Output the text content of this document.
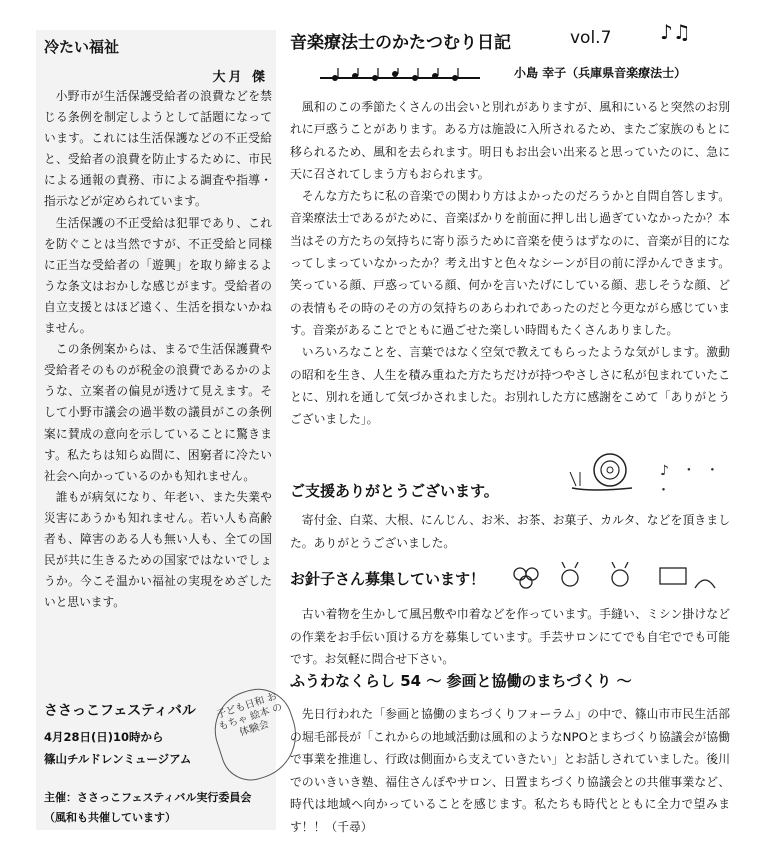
冷たい福祉
大月 傑

小野市が生活保護受給者の浪費などを禁じる条例を制定しようとして話題になっています。これには生活保護などの不正受給と、受給者の浪費を防止するために、市民による通報の責務、市による調査や指導・指示などが定められています。

生活保護の不正受給は犯罪であり、これを防ぐことは当然ですが、不正受給と同様に正当な受給者の「遊興」を取り締まるような条文はおかしな感じがます。受給者の自立支援とはほど遠く、生活を損ないかねません。

この条例案からは、まるで生活保護費や受給者そのものが税金の浪費であるかのような、立案者の偏見が透けて見えます。そして小野市議会の過半数の議員がこの条例案に賛成の意向を示していることに驚きます。私たちは知らぬ間に、困窮者に冷たい社会へ向かっているのかも知れません。

誰もが病気になり、年老い、また失業や災害にあうかも知れません。若い人も高齢者も、障害のある人も無い人も、全ての国民が共に生きるための国家ではないでしょうか。今こそ温かい福祉の実現をめざしたいと思います。

ささっこフェスティバル
4月28日(日)10時から
篠山チルドレンミュージアム
主催：ささっこフェスティバル実行委員会（風和も共催しています）
子ども日和 おもちゃ 絵本 の 体験会
音楽療法士のかたつむり日記	vol.7 ♪♫
小島 幸子（兵庫県音楽療法士）

風和のこの季節たくさんの出会いと別れがありますが、風和にいると突然のお別れに戸惑うことがあります。ある方は施設に入所されるため、またご家族のもとに移られるため、風和を去られます。明日もお出会い出来ると思っていたのに、急に天に召されてしまう方もおられます。

そんな方たちに私の音楽での関わり方はよかったのだろうかと自問自答します。音楽療法士であるがために、音楽ばかりを前面に押し出し過ぎていなかったか？本当はその方たちの気持ちに寄り添うために音楽を使うはずなのに、音楽が目的になってしまっていなかったか？考え出すと色々なシーンが目の前に浮かんできます。笑っている顔、戸惑っている顔、何かを言いたげにしている顔、悲しそうな顔、どの表情もその時のその方の気持ちのあらわれであったのだと今更ながら感じています。音楽があることでともに過ごせた楽しい時間もたくさんありました。

いろいろなことを、言葉ではなく空気で教えてもらったような気がします。激動の昭和を生き、人生を積み重ねた方たちだけが持つやさしさに私が包まれていたことに、別れを通して気づかされました。お別れした方に感謝をこめて「ありがとうございました」。

♪ ･ ･ ･
ご支援ありがとうございます。

寄付金、白菜、大根、にんじん、お米、お茶、お菓子、カルタ、などを頂きました。ありがとうございました。

お針子さん募集しています！

古い着物を生かして風呂敷や巾着などを作っています。手縫い、ミシン掛けなどの作業をお手伝い頂ける方を募集しています。手芸サロンにてでも自宅ででも可能です。お気軽に問合せ下さい。

ふうわなくらし 54 〜 参画と協働のまちづくり 〜

先日行われた「参画と協働のまちづくりフォーラム」の中で、篠山市市民生活部の堀毛部長が「これからの地域活動は風和のようなNPOとまちづくり協議会が協働で事業を推進し、行政は側面から支えていきたい」とお話しされていました。後川でのいきいき塾、福住さんぽやサロン、日置まちづくり協議会との共催事業など、時代は地域へ向かっていることを感じます。私たちも時代とともに全力で望みます！！（千尋）
